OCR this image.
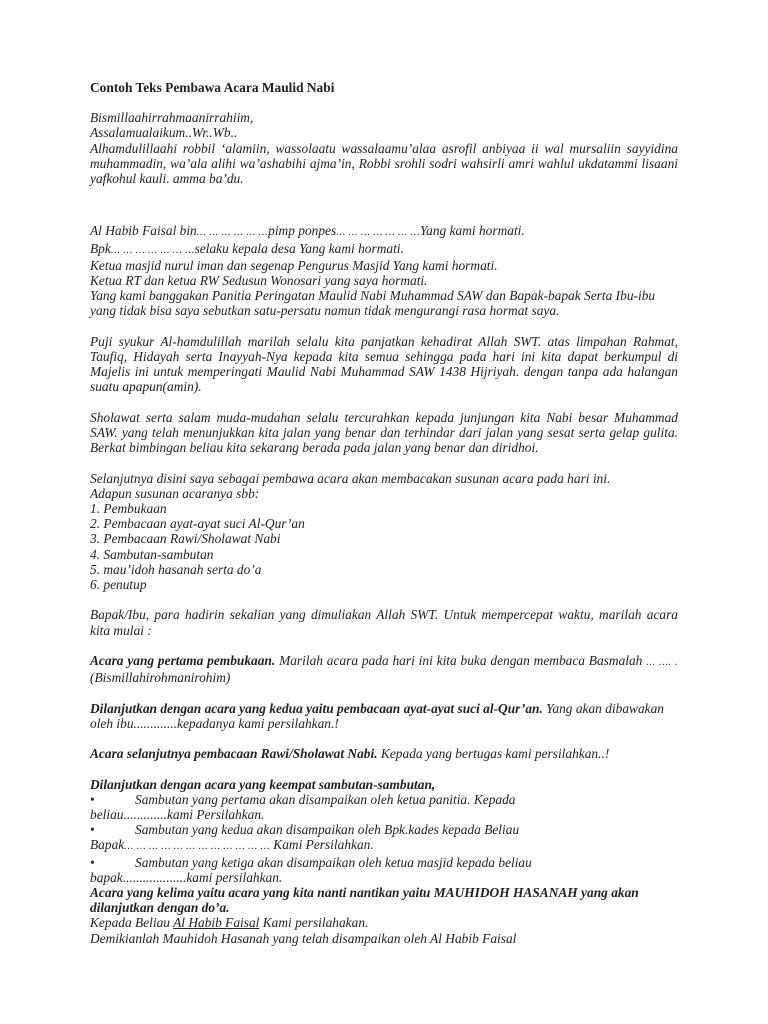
Contoh Teks Pembawa Acara Maulid Nabi

Bismillaahirrahmaanirrahiim,

Assalamualaikum..Wr..Wb..

Alhamdulillaahi robbil ‘alamiin, wassolaatu wassalaamu’alaa asrofil anbiyaa ii wal mursaliin sayyidina muhammadin, wa’ala alihi wa’ashabihi ajma’in, Robbi srohli sodri wahsirli amri wahlul ukdatammi lisaani yafkohul kauli. amma ba’du.

Al Habib Faisal bin… … … … … …pimp ponpes… … … … … … …Yang kami hormati.

Bpk… … … … … … …selaku kepala desa Yang kami hormati.

Ketua masjid nurul iman dan segenap Pengurus Masjid Yang kami hormati.

Ketua RT dan ketua RW Sedusun Wonosari yang saya hormati.

Yang kami banggakan Panitia Peringatan Maulid Nabi Muhammad SAW dan Bapak-bapak Serta Ibu-ibu yang tidak bisa saya sebutkan satu-persatu namun tidak mengurangi rasa hormat saya.

Puji syukur Al-hamdulillah marilah selalu kita panjatkan kehadirat Allah SWT. atas limpahan Rahmat, Taufiq, Hidayah serta Inayyah-Nya kepada kita semua sehingga pada hari ini kita dapat berkumpul di Majelis ini untuk memperingati Maulid Nabi Muhammad SAW 1438 Hijriyah. dengan tanpa ada halangan suatu apapun(amin).

Sholawat serta salam muda-mudahan selalu tercurahkan kepada junjungan kita Nabi besar Muhammad SAW. yang telah menunjukkan kita jalan yang benar dan terhindar dari jalan yang sesat serta gelap gulita. Berkat bimbingan beliau kita sekarang berada pada jalan yang benar dan diridhoi.

Selanjutnya disini saya sebagai pembawa acara akan membacakan susunan acara pada hari ini.

Adapun susunan acaranya sbb:

1. Pembukaan
2. Pembacaan ayat-ayat suci Al-Qur’an
3. Pembacaan Rawi/Sholawat Nabi
4. Sambutan-sambutan
5. mau’idoh hasanah serta do’a
6. penutup

Bapak/Ibu, para hadirin sekalian yang dimuliakan Allah SWT. Untuk mempercepat waktu, marilah acara kita mulai :

Acara yang pertama pembukaan. Marilah acara pada hari ini kita buka dengan membaca Basmalah … …. . (Bismillahirohmanirohim)

Dilanjutkan dengan acara yang kedua yaitu pembacaan ayat-ayat suci al-Qur’an. Yang akan dibawakan oleh ibu.............kepadanya kami persilahkan.!

Acara selanjutnya pembacaan Rawi/Sholawat Nabi. Kepada yang bertugas kami persilahkan..!

Dilanjutkan dengan acara yang keempat sambutan-sambutan,

•	Sambutan yang pertama akan disampaikan oleh ketua panitia. Kepada

beliau.............kami Persilahkan.

•	Sambutan yang kedua akan disampaikan oleh Bpk.kades kepada Beliau

Bapak… … … … … … … … … … … … Kami Persilahkan.

•	Sambutan yang ketiga akan disampaikan oleh ketua masjid kepada beliau

bapak...................kami persilahkan.

Acara yang kelima yaitu acara yang kita nanti nantikan yaitu MAUHIDOH HASANAH yang akan dilanjutkan dengan do’a.

Kepada Beliau Al Habib Faisal Kami persilahakan.

Demikianlah Mauhidoh Hasanah yang telah disampaikan oleh Al Habib Faisal
